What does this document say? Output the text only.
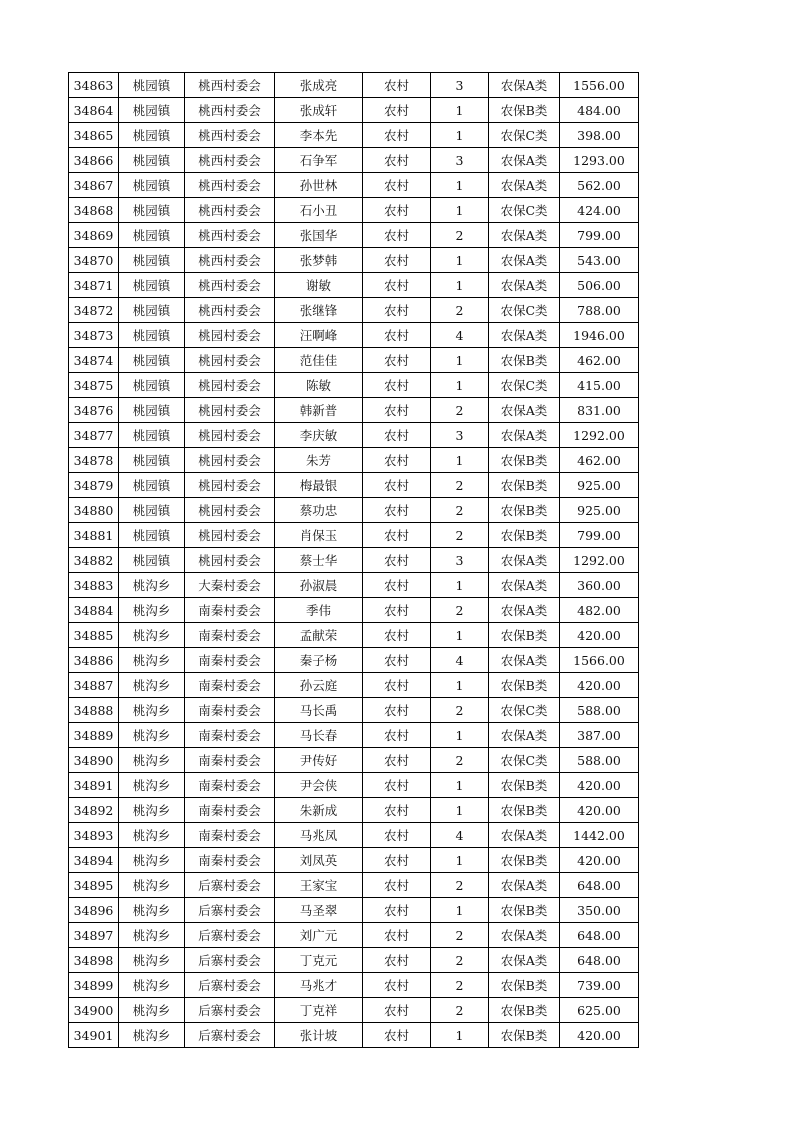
34863	桃园镇	桃西村委会	张成亮	农村	3	农保A类	1556.00
34864	桃园镇	桃西村委会	张成轩	农村	1	农保B类	484.00
34865	桃园镇	桃西村委会	李本先	农村	1	农保C类	398.00
34866	桃园镇	桃西村委会	石争军	农村	3	农保A类	1293.00
34867	桃园镇	桃西村委会	孙世林	农村	1	农保A类	562.00
34868	桃园镇	桃西村委会	石小丑	农村	1	农保C类	424.00
34869	桃园镇	桃西村委会	张国华	农村	2	农保A类	799.00
34870	桃园镇	桃西村委会	张梦韩	农村	1	农保A类	543.00
34871	桃园镇	桃西村委会	谢敏	农村	1	农保A类	506.00
34872	桃园镇	桃西村委会	张继锋	农村	2	农保C类	788.00
34873	桃园镇	桃园村委会	汪啊峰	农村	4	农保A类	1946.00
34874	桃园镇	桃园村委会	范佳佳	农村	1	农保B类	462.00
34875	桃园镇	桃园村委会	陈敏	农村	1	农保C类	415.00
34876	桃园镇	桃园村委会	韩新普	农村	2	农保A类	831.00
34877	桃园镇	桃园村委会	李庆敏	农村	3	农保A类	1292.00
34878	桃园镇	桃园村委会	朱芳	农村	1	农保B类	462.00
34879	桃园镇	桃园村委会	梅最银	农村	2	农保B类	925.00
34880	桃园镇	桃园村委会	蔡功忠	农村	2	农保B类	925.00
34881	桃园镇	桃园村委会	肖保玉	农村	2	农保B类	799.00
34882	桃园镇	桃园村委会	蔡士华	农村	3	农保A类	1292.00
34883	桃沟乡	大秦村委会	孙淑晨	农村	1	农保A类	360.00
34884	桃沟乡	南秦村委会	季伟	农村	2	农保A类	482.00
34885	桃沟乡	南秦村委会	孟献荣	农村	1	农保B类	420.00
34886	桃沟乡	南秦村委会	秦子杨	农村	4	农保A类	1566.00
34887	桃沟乡	南秦村委会	孙云庭	农村	1	农保B类	420.00
34888	桃沟乡	南秦村委会	马长禹	农村	2	农保C类	588.00
34889	桃沟乡	南秦村委会	马长春	农村	1	农保A类	387.00
34890	桃沟乡	南秦村委会	尹传好	农村	2	农保C类	588.00
34891	桃沟乡	南秦村委会	尹会侠	农村	1	农保B类	420.00
34892	桃沟乡	南秦村委会	朱新成	农村	1	农保B类	420.00
34893	桃沟乡	南秦村委会	马兆凤	农村	4	农保A类	1442.00
34894	桃沟乡	南秦村委会	刘凤英	农村	1	农保B类	420.00
34895	桃沟乡	后寨村委会	王家宝	农村	2	农保A类	648.00
34896	桃沟乡	后寨村委会	马圣翠	农村	1	农保B类	350.00
34897	桃沟乡	后寨村委会	刘广元	农村	2	农保A类	648.00
34898	桃沟乡	后寨村委会	丁克元	农村	2	农保A类	648.00
34899	桃沟乡	后寨村委会	马兆才	农村	2	农保B类	739.00
34900	桃沟乡	后寨村委会	丁克祥	农村	2	农保B类	625.00
34901	桃沟乡	后寨村委会	张计坡	农村	1	农保B类	420.00
